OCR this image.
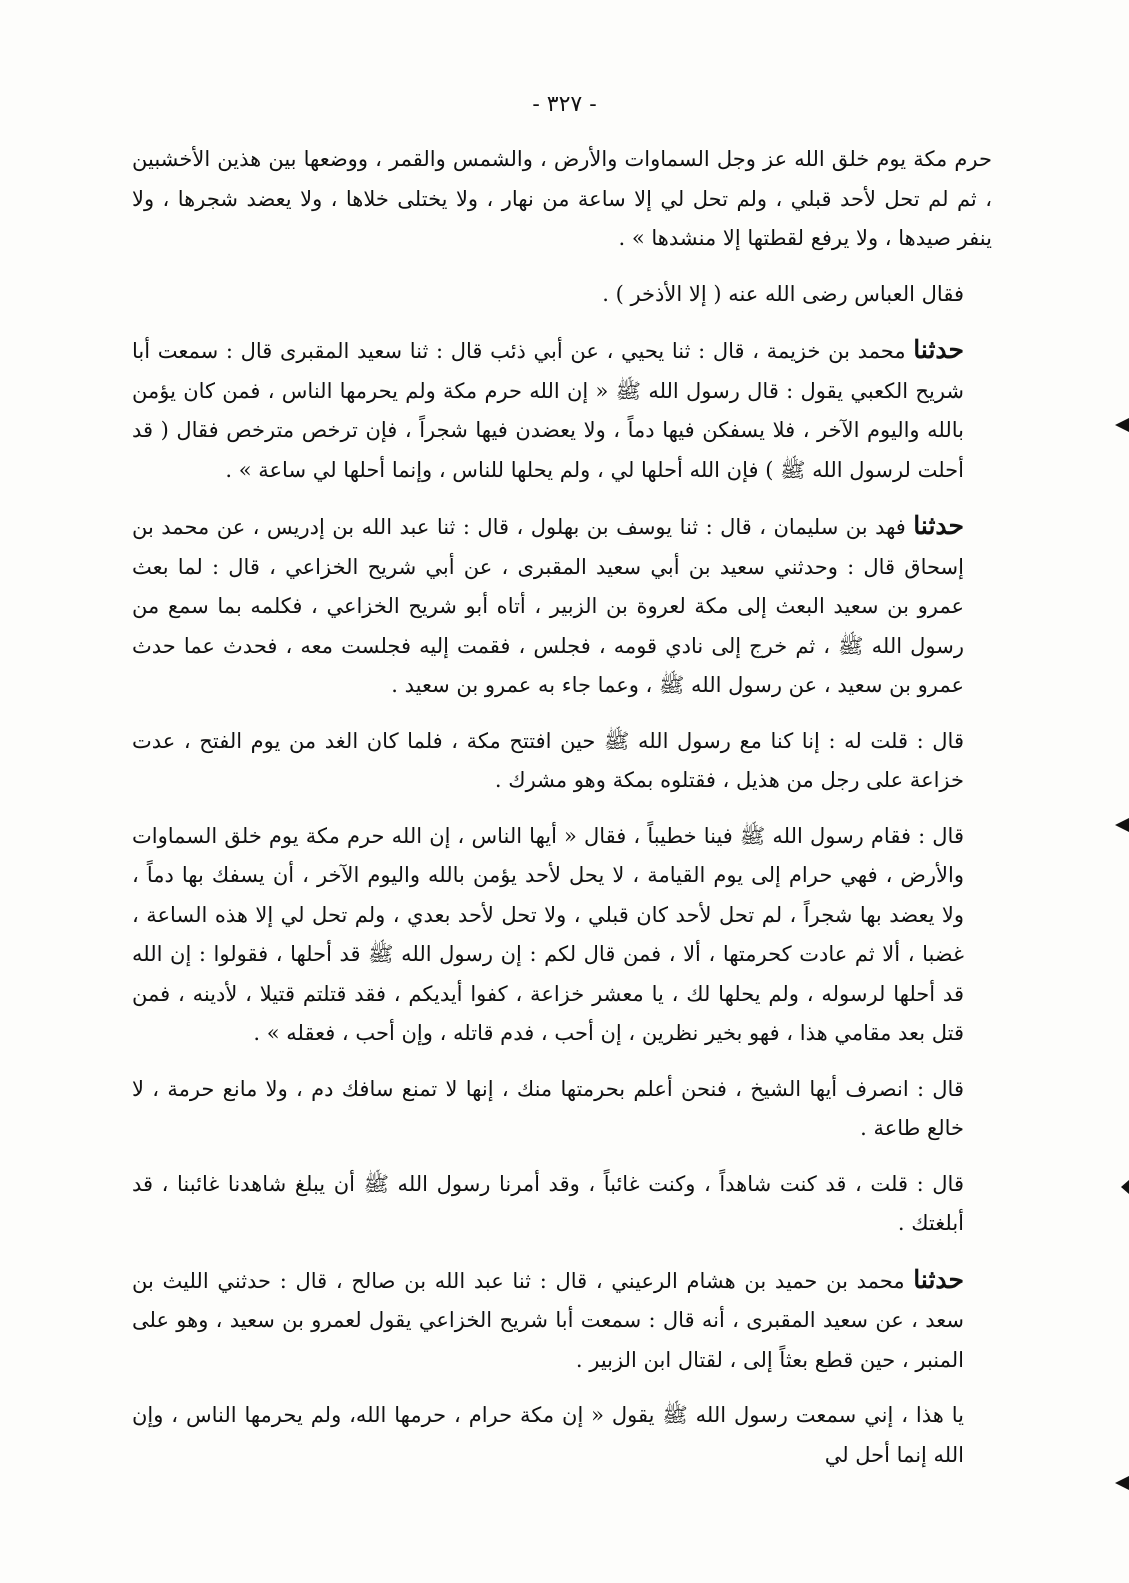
- ٣٢٧ -

حرم مكة يوم خلق الله عز وجل السماوات والأرض ، والشمس والقمر ، ووضعها بين هذين الأخشبين ، ثم لم تحل لأحد قبلي ، ولم تحل لي إلا ساعة من نهار ، ولا يختلى خلاها ، ولا يعضد شجرها ، ولا ينفر صيدها ، ولا يرفع لقطتها إلا منشدها » .

فقال العباس رضى الله عنه ( إلا الأذخر ) .

حدثنا محمد بن خزيمة ، قال : ثنا يحيي ، عن أبي ذئب قال : ثنا سعيد المقبرى قال : سمعت أبا شريح الكعبي يقول : قال رسول الله ﷺ « إن الله حرم مكة ولم يحرمها الناس ، فمن كان يؤمن بالله واليوم الآخر ، فلا يسفكن فيها دماً ، ولا يعضدن فيها شجراً ، فإن ترخص مترخص فقال ( قد أحلت لرسول الله ﷺ ) فإن الله أحلها لي ، ولم يحلها للناس ، وإنما أحلها لي ساعة » .

حدثنا فهد بن سليمان ، قال : ثنا يوسف بن بهلول ، قال : ثنا عبد الله بن إدريس ، عن محمد بن إسحاق قال : وحدثني سعيد بن أبي سعيد المقبرى ، عن أبي شريح الخزاعي ، قال : لما بعث عمرو بن سعيد البعث إلى مكة لعروة بن الزبير ، أتاه أبو شريح الخزاعي ، فكلمه بما سمع من رسول الله ﷺ ، ثم خرج إلى نادي قومه ، فجلس ، فقمت إليه فجلست معه ، فحدث عما حدث عمرو بن سعيد ، عن رسول الله ﷺ ، وعما جاء به عمرو بن سعيد .

قال : قلت له : إنا كنا مع رسول الله ﷺ حين افتتح مكة ، فلما كان الغد من يوم الفتح ، عدت خزاعة على رجل من هذيل ، فقتلوه بمكة وهو مشرك .

قال : فقام رسول الله ﷺ فينا خطيباً ، فقال « أيها الناس ، إن الله حرم مكة يوم خلق السماوات والأرض ، فهي حرام إلى يوم القيامة ، لا يحل لأحد يؤمن بالله واليوم الآخر ، أن يسفك بها دماً ، ولا يعضد بها شجراً ، لم تحل لأحد كان قبلي ، ولا تحل لأحد بعدي ، ولم تحل لي إلا هذه الساعة ، غضبا ، ألا ثم عادت كحرمتها ، ألا ، فمن قال لكم : إن رسول الله ﷺ قد أحلها ، فقولوا : إن الله قد أحلها لرسوله ، ولم يحلها لك ، يا معشر خزاعة ، كفوا أيديكم ، فقد قتلتم قتيلا ، لأدينه ، فمن قتل بعد مقامي هذا ، فهو بخير نظرين ، إن أحب ، فدم قاتله ، وإن أحب ، فعقله » .

قال : انصرف أيها الشيخ ، فنحن أعلم بحرمتها منك ، إنها لا تمنع سافك دم ، ولا مانع حرمة ، لا خالع طاعة .

قال : قلت ، قد كنت شاهداً ، وكنت غائباً ، وقد أمرنا رسول الله ﷺ أن يبلغ شاهدنا غائبنا ، قد أبلغتك .

حدثنا محمد بن حميد بن هشام الرعيني ، قال : ثنا عبد الله بن صالح ، قال : حدثني الليث بن سعد ، عن سعيد المقبرى ، أنه قال : سمعت أبا شريح الخزاعي يقول لعمرو بن سعيد ، وهو على المنبر ، حين قطع بعثاً إلى ، لقتال ابن الزبير .

يا هذا ، إني سمعت رسول الله ﷺ يقول « إن مكة حرام ، حرمها الله، ولم يحرمها الناس ، وإن الله إنما أحل لي
